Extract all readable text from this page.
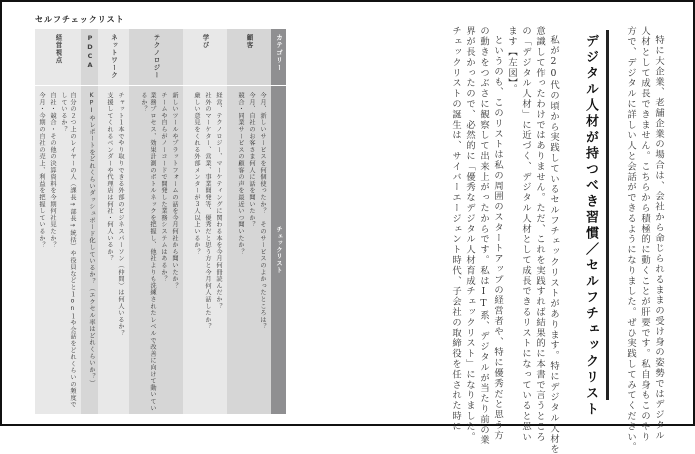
セルフチェックリスト
経営視点
自分の２つ上のレイヤーの人（課長→部長→統括）や役員などと１on１や会話をどれくらいの頻度でしているか？
自社・競合・その他の決算資料を今期何社見たか？
今月・今期の自社の売上、利益を把握しているか？
PDCA
KPIやレポートをどれくらいダッシュボード化しているか？（エクセル率はどれくらいか？）
ネットワーク
チャット１本でやり取りできる外部のビジネスパーソン（仲間）は何人いるか？
支援してくれるベンダーや代理店は何社・何人いるか？
テクノロジー
新しいツールやプラットフォームの話を今月何社から聞いたか？
チームや自らがノーコードで開発した業務システムはあるか？
業務プロセス、効果計測のボトルネックを把握し、他社よりも洗練されたレベルで改善に向けて動いているか？
学び
経営、テクノロジー、マーケティングに関わる本を今月何冊読んだか？
社外のマーケター、営業、事業開発等、優秀だと思う方と今月何人話したか？
厳しい意見をくれる外部メンターが３人以上いるか？
顧客
今月、新しいサービスを何個使ったか？　そのサービスのよかったところは？
今月、自社のお客さま何人に話を聞いたか？
競合・同業サービスの顧客の声を最近いつ聞いたか？
カテゴリー
チェックリスト	特に大企業、老舗企業の場合は、会社から命じられるままの受け身の姿勢ではデジタル
人材として成長できません。こちらから積極的に動くことが肝要です。私自身もこのやり
方で、デジタルに詳しい人と会話ができるようになりました。ぜひ実践してみてください。
デジタル人材が持つべき習慣／セルフチェックリスト
私が20代の頃から実践しているセルフチェックリストがあります。特にデジタル人材を
意識して作ったわけではありません。ただ、これを実践すれば結果的に本書で言うところ
の「デジタル人材」に近づく、デジタル人材として成長できるリストになっていると思い
ます【左図】。
というのも、このリストは私の周囲のスタートアップの経営者や、特に優秀だと思う方
の動きをつぶさに観察して出来上がったからです。私はIT系、デジタルが当たり前の業
界が長かったので、必然的に「優秀なデジタル人材育成チェックリスト」になりました。
チェックリストの誕生は、サイバーエージェント時代、子会社の取締役を任された時に
